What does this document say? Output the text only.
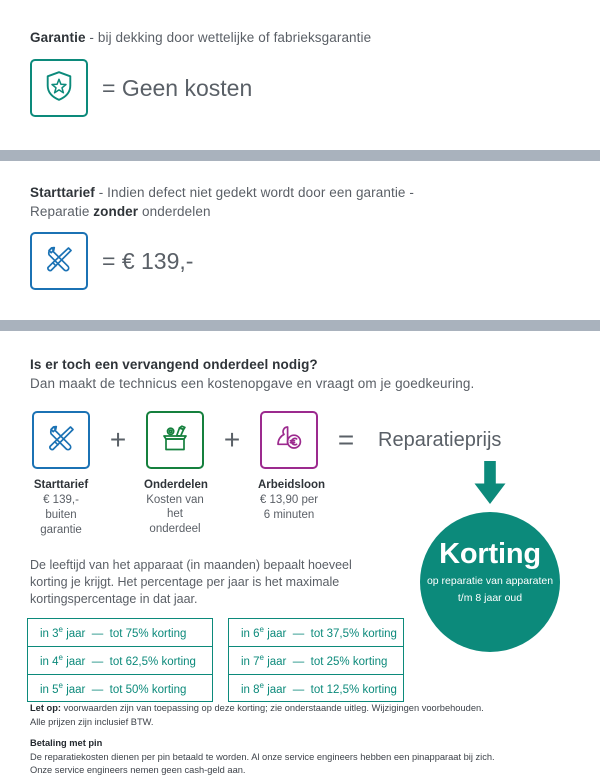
Garantie - bij dekking door wettelijke of fabrieksgarantie
= Geen kosten
Starttarief - Indien defect niet gedekt wordt door een garantie -
Reparatie zonder onderdelen
= € 139,-
Is er toch een vervangend onderdeel nodig?
Dan maakt de technicus een kostenopgave en vraagt om je goedkeuring.
Starttarief
€ 139,-
buiten
garantie
+
Onderdelen
Kosten van het
onderdeel
+
Arbeidsloon
€ 13,90 per
6 minuten
=	Reparatieprijs
De leeftijd van het apparaat (in maanden) bepaalt hoeveel
korting je krijgt. Het percentage per jaar is het maximale
kortingspercentage in dat jaar.
Korting
op reparatie van apparaten
t/m 8 jaar oud
in 3e jaar — tot 75% korting
in 4e jaar — tot 62,5% korting
in 5e jaar — tot 50% korting
in 6e jaar — tot 37,5% korting
in 7e jaar — tot 25% korting
in 8e jaar — tot 12,5% korting
Let op: voorwaarden zijn van toepassing op deze korting; zie onderstaande uitleg. Wijzigingen voorbehouden.
Alle prijzen zijn inclusief BTW.
Betaling met pin
De reparatiekosten dienen per pin betaald te worden. Al onze service engineers hebben een pinapparaat bij zich.
Onze service engineers nemen geen cash-geld aan.
